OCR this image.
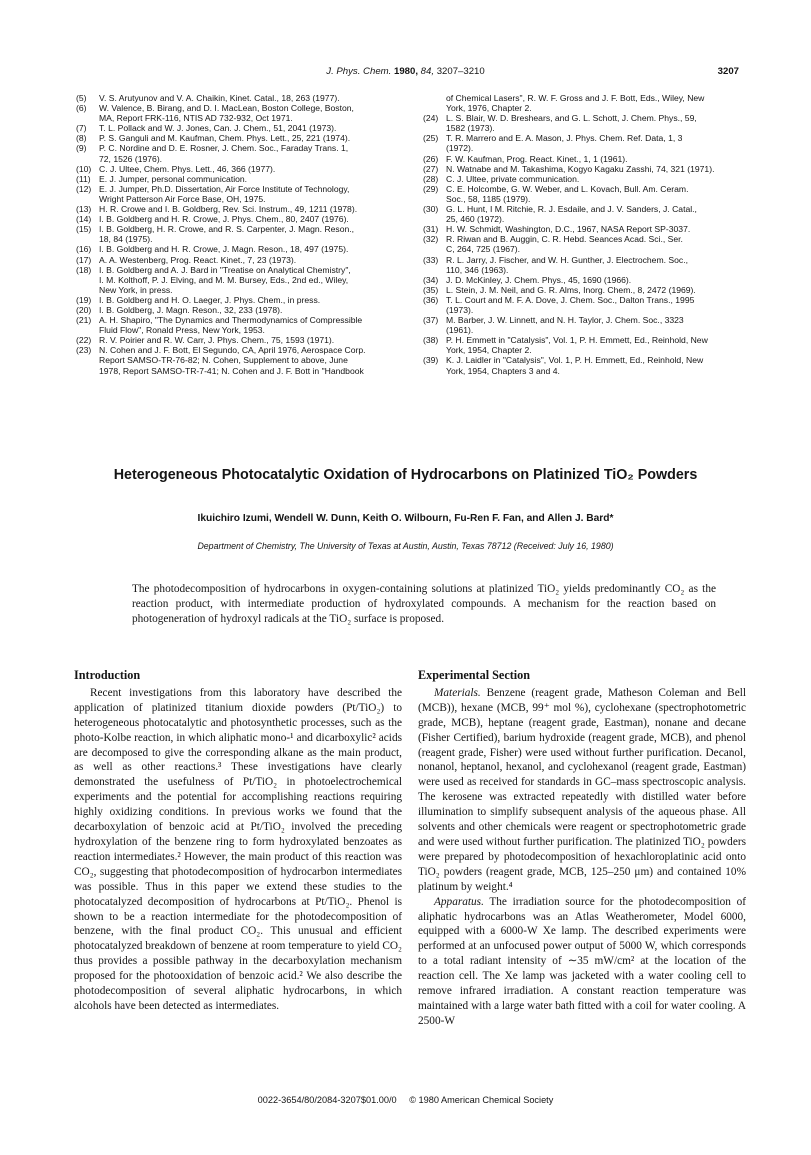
J. Phys. Chem. 1980, 84, 3207–3210	3207
(5) V. S. Arutyunov and V. A. Chaikin, Kinet. Catal., 18, 263 (1977).
(6) W. Valence, B. Birang, and D. I. MacLean, Boston College, Boston,
MA, Report FRK-116, NTIS AD 732-932, Oct 1971.
(7) T. L. Pollack and W. J. Jones, Can. J. Chem., 51, 2041 (1973).
(8) P. S. Ganguli and M. Kaufman, Chem. Phys. Lett., 25, 221 (1974).
(9) P. C. Nordine and D. E. Rosner, J. Chem. Soc., Faraday Trans. 1,
72, 1526 (1976).
(10) C. J. Ultee, Chem. Phys. Lett., 46, 366 (1977).
(11) E. J. Jumper, personal communication.
(12) E. J. Jumper, Ph.D. Dissertation, Air Force Institute of Technology,
Wright Patterson Air Force Base, OH, 1975.
(13) H. R. Crowe and I. B. Goldberg, Rev. Sci. Instrum., 49, 1211 (1978).
(14) I. B. Goldberg and H. R. Crowe, J. Phys. Chem., 80, 2407 (1976).
(15) I. B. Goldberg, H. R. Crowe, and R. S. Carpenter, J. Magn. Reson.,
18, 84 (1975).
(16) I. B. Goldberg and H. R. Crowe, J. Magn. Reson., 18, 497 (1975).
(17) A. A. Westenberg, Prog. React. Kinet., 7, 23 (1973).
(18) I. B. Goldberg and A. J. Bard in "Treatise on Analytical Chemistry",
I. M. Kolthoff, P. J. Elving, and M. M. Bursey, Eds., 2nd ed., Wiley,
New York, in press.
(19) I. B. Goldberg and H. O. Laeger, J. Phys. Chem., in press.
(20) I. B. Goldberg, J. Magn. Reson., 32, 233 (1978).
(21) A. H. Shapiro, "The Dynamics and Thermodynamics of Compressible
Fluid Flow", Ronald Press, New York, 1953.
(22) R. V. Poirier and R. W. Carr, J. Phys. Chem., 75, 1593 (1971).
(23) N. Cohen and J. F. Bott, El Segundo, CA, April 1976, Aerospace Corp.
Report SAMSO-TR-76-82; N. Cohen, Supplement to above, June
1978, Report SAMSO-TR-7-41; N. Cohen and J. F. Bott in "Handbook
of Chemical Lasers", R. W. F. Gross and J. F. Bott, Eds., Wiley, New
York, 1976, Chapter 2.
(24) L. S. Blair, W. D. Breshears, and G. L. Schott, J. Chem. Phys., 59,
1582 (1973).
(25) T. R. Marrero and E. A. Mason, J. Phys. Chem. Ref. Data, 1, 3
(1972).
(26) F. W. Kaufman, Prog. React. Kinet., 1, 1 (1961).
(27) N. Watnabe and M. Takashima, Kogyo Kagaku Zasshi, 74, 321 (1971).
(28) C. J. Ultee, private communication.
(29) C. E. Holcombe, G. W. Weber, and L. Kovach, Bull. Am. Ceram.
Soc., 58, 1185 (1979).
(30) G. L. Hunt, I M. Ritchie, R. J. Esdaile, and J. V. Sanders, J. Catal.,
25, 460 (1972).
(31) H. W. Schmidt, Washington, D.C., 1967, NASA Report SP-3037.
(32) R. Riwan and B. Auggin, C. R. Hebd. Seances Acad. Sci., Ser.
C, 264, 725 (1967).
(33) R. L. Jarry, J. Fischer, and W. H. Gunther, J. Electrochem. Soc.,
110, 346 (1963).
(34) J. D. McKinley, J. Chem. Phys., 45, 1690 (1966).
(35) L. Stein, J. M. Neil, and G. R. Alms, Inorg. Chem., 8, 2472 (1969).
(36) T. L. Court and M. F. A. Dove, J. Chem. Soc., Dalton Trans., 1995
(1973).
(37) M. Barber, J. W. Linnett, and N. H. Taylor, J. Chem. Soc., 3323
(1961).
(38) P. H. Emmett in "Catalysis", Vol. 1, P. H. Emmett, Ed., Reinhold, New
York, 1954, Chapter 2.
(39) K. J. Laidler in "Catalysis", Vol. 1, P. H. Emmett, Ed., Reinhold, New
York, 1954, Chapters 3 and 4.
Heterogeneous Photocatalytic Oxidation of Hydrocarbons on Platinized TiO₂ Powders
Ikuichiro Izumi, Wendell W. Dunn, Keith O. Wilbourn, Fu-Ren F. Fan, and Allen J. Bard*
Department of Chemistry, The University of Texas at Austin, Austin, Texas 78712 (Received: July 16, 1980)
The photodecomposition of hydrocarbons in oxygen-containing solutions at platinized TiO₂ yields predominantly CO₂ as the reaction product, with intermediate production of hydroxylated compounds. A mechanism for the reaction based on photogeneration of hydroxyl radicals at the TiO₂ surface is proposed.
Introduction

Recent investigations from this laboratory have described the application of platinized titanium dioxide powders (Pt/TiO₂) to heterogeneous photocatalytic and photosynthetic processes, such as the photo-Kolbe reaction, in which aliphatic mono-¹ and dicarboxylic² acids are decomposed to give the corresponding alkane as the main product, as well as other reactions.³ These investigations have clearly demonstrated the usefulness of Pt/TiO₂ in photoelectrochemical experiments and the potential for accomplishing reactions requiring highly oxidizing conditions. In previous works we found that the decarboxylation of benzoic acid at Pt/TiO₂ involved the preceding hydroxylation of the benzene ring to form hydroxylated benzoates as reaction intermediates.² However, the main product of this reaction was CO₂, suggesting that photodecomposition of hydrocarbon intermediates was possible. Thus in this paper we extend these studies to the photocatalyzed decomposition of hydrocarbons at Pt/TiO₂. Phenol is shown to be a reaction intermediate for the photodecomposition of benzene, with the final product CO₂. This unusual and efficient photocatalyzed breakdown of benzene at room temperature to yield CO₂ thus provides a possible pathway in the decarboxylation mechanism proposed for the photooxidation of benzoic acid.² We also describe the photodecomposition of several aliphatic hydrocarbons, in which alcohols have been detected as intermediates.

Experimental Section

Materials. Benzene (reagent grade, Matheson Coleman and Bell (MCB)), hexane (MCB, 99⁺ mol %), cyclohexane (spectrophotometric grade, MCB), heptane (reagent grade, Eastman), nonane and decane (Fisher Certified), barium hydroxide (reagent grade, MCB), and phenol (reagent grade, Fisher) were used without further purification. Decanol, nonanol, heptanol, hexanol, and cyclohexanol (reagent grade, Eastman) were used as received for standards in GC–mass spectroscopic analysis. The kerosene was extracted repeatedly with distilled water before illumination to simplify subsequent analysis of the aqueous phase. All solvents and other chemicals were reagent or spectrophotometric grade and were used without further purification. The platinized TiO₂ powders were prepared by photodecomposition of hexachloroplatinic acid onto TiO₂ powders (reagent grade, MCB, 125–250 μm) and contained 10% platinum by weight.⁴

Apparatus. The irradiation source for the photodecomposition of aliphatic hydrocarbons was an Atlas Weatherometer, Model 6000, equipped with a 6000-W Xe lamp. The described experiments were performed at an unfocused power output of 5000 W, which corresponds to a total radiant intensity of ∼35 mW/cm² at the location of the reaction cell. The Xe lamp was jacketed with a water cooling cell to remove infrared irradiation. A constant reaction temperature was maintained with a large water bath fitted with a coil for water cooling. A 2500-W

0022-3654/80/2084-3207$01.00/0 © 1980 American Chemical Society
